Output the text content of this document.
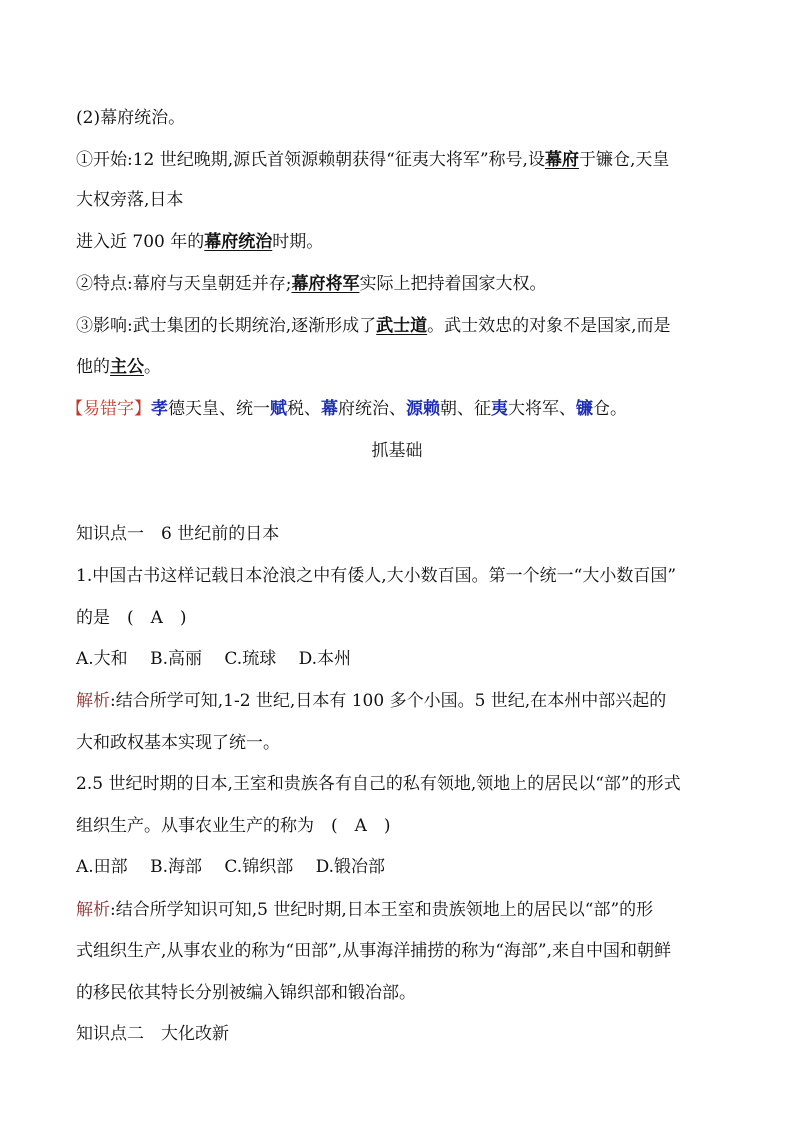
(2)幕府统治。
①开始:12 世纪晚期,源氏首领源赖朝获得“征夷大将军”称号,设幕府于镰仓,天皇
大权旁落,日本
进入近 700 年的幕府统治时期。
②特点:幕府与天皇朝廷并存;幕府将军实际上把持着国家大权。
③影响:武士集团的长期统治,逐渐形成了武士道。武士效忠的对象不是国家,而是
他的主公。
【易错字】孝德天皇、统一赋税、幕府统治、源赖朝、征夷大将军、镰仓。
抓基础
知识点一　6 世纪前的日本
1.中国古书这样记载日本沧浪之中有倭人,大小数百国。第一个统一“大小数百国”
的是　(　A　)
A.大和　 B.高丽　 C.琉球　 D.本州
解析:结合所学可知,1-2 世纪,日本有 100 多个小国。5 世纪,在本州中部兴起的
大和政权基本实现了统一。
2.5 世纪时期的日本,王室和贵族各有自己的私有领地,领地上的居民以“部”的形式
组织生产。从事农业生产的称为　(　A　)
A.田部　 B.海部　 C.锦织部　 D.锻冶部
解析:结合所学知识可知,5 世纪时期,日本王室和贵族领地上的居民以“部”的形
式组织生产,从事农业的称为“田部”,从事海洋捕捞的称为“海部”,来自中国和朝鲜
的移民依其特长分别被编入锦织部和锻冶部。
知识点二　大化改新
